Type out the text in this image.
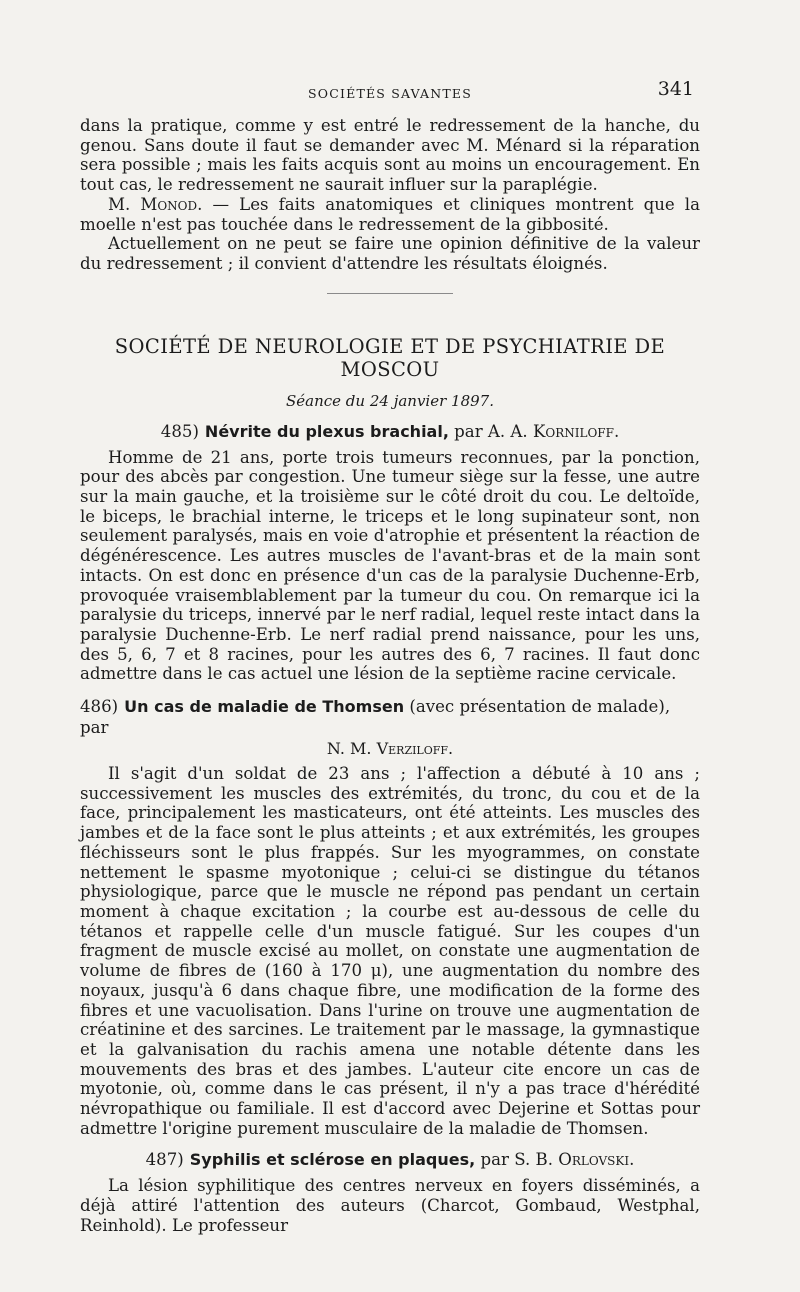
SOCIÉTÉS SAVANTES	341

dans la pratique, comme y est entré le redressement de la hanche, du genou. Sans doute il faut se demander avec M. Ménard si la réparation sera possible ; mais les faits acquis sont au moins un encouragement. En tout cas, le redressement ne saurait influer sur la paraplégie.

M. Monod. — Les faits anatomiques et cliniques montrent que la moelle n'est pas touchée dans le redressement de la gibbosité.

Actuellement on ne peut se faire une opinion définitive de la valeur du redressement ; il convient d'attendre les résultats éloignés.

SOCIÉTÉ DE NEUROLOGIE ET DE PSYCHIATRIE DE MOSCOU
Séance du 24 janvier 1897.
485) Névrite du plexus brachial, par A. A. Korniloff.

Homme de 21 ans, porte trois tumeurs reconnues, par la ponction, pour des abcès par congestion. Une tumeur siège sur la fesse, une autre sur la main gauche, et la troisième sur le côté droit du cou. Le deltoïde, le biceps, le brachial interne, le triceps et le long supinateur sont, non seulement paralysés, mais en voie d'atrophie et présentent la réaction de dégénérescence. Les autres muscles de l'avant-bras et de la main sont intacts. On est donc en présence d'un cas de la paralysie Duchenne-Erb, provoquée vraisemblablement par la tumeur du cou. On remarque ici la paralysie du triceps, innervé par le nerf radial, lequel reste intact dans la paralysie Duchenne-Erb. Le nerf radial prend naissance, pour les uns, des 5, 6, 7 et 8 racines, pour les autres des 6, 7 racines. Il faut donc admettre dans le cas actuel une lésion de la septième racine cervicale.

486) Un cas de maladie de Thomsen (avec présentation de malade), par
N. M. Verziloff.

Il s'agit d'un soldat de 23 ans ; l'affection a débuté à 10 ans ; successivement les muscles des extrémités, du tronc, du cou et de la face, principalement les masticateurs, ont été atteints. Les muscles des jambes et de la face sont le plus atteints ; et aux extrémités, les groupes fléchisseurs sont le plus frappés. Sur les myogrammes, on constate nettement le spasme myotonique ; celui-ci se distingue du tétanos physiologique, parce que le muscle ne répond pas pendant un certain moment à chaque excitation ; la courbe est au-dessous de celle du tétanos et rappelle celle d'un muscle fatigué. Sur les coupes d'un fragment de muscle excisé au mollet, on constate une augmentation de volume de fibres de (160 à 170 μ), une augmentation du nombre des noyaux, jusqu'à 6 dans chaque fibre, une modification de la forme des fibres et une vacuolisation. Dans l'urine on trouve une augmentation de créatinine et des sarcines. Le traitement par le massage, la gymnastique et la galvanisation du rachis amena une notable détente dans les mouvements des bras et des jambes. L'auteur cite encore un cas de myotonie, où, comme dans le cas présent, il n'y a pas trace d'hérédité névropathique ou familiale. Il est d'accord avec Dejerine et Sottas pour admettre l'origine purement musculaire de la maladie de Thomsen.

487) Syphilis et sclérose en plaques, par S. B. Orlovski.

La lésion syphilitique des centres nerveux en foyers disséminés, a déjà attiré l'attention des auteurs (Charcot, Gombaud, Westphal, Reinhold). Le professeur
